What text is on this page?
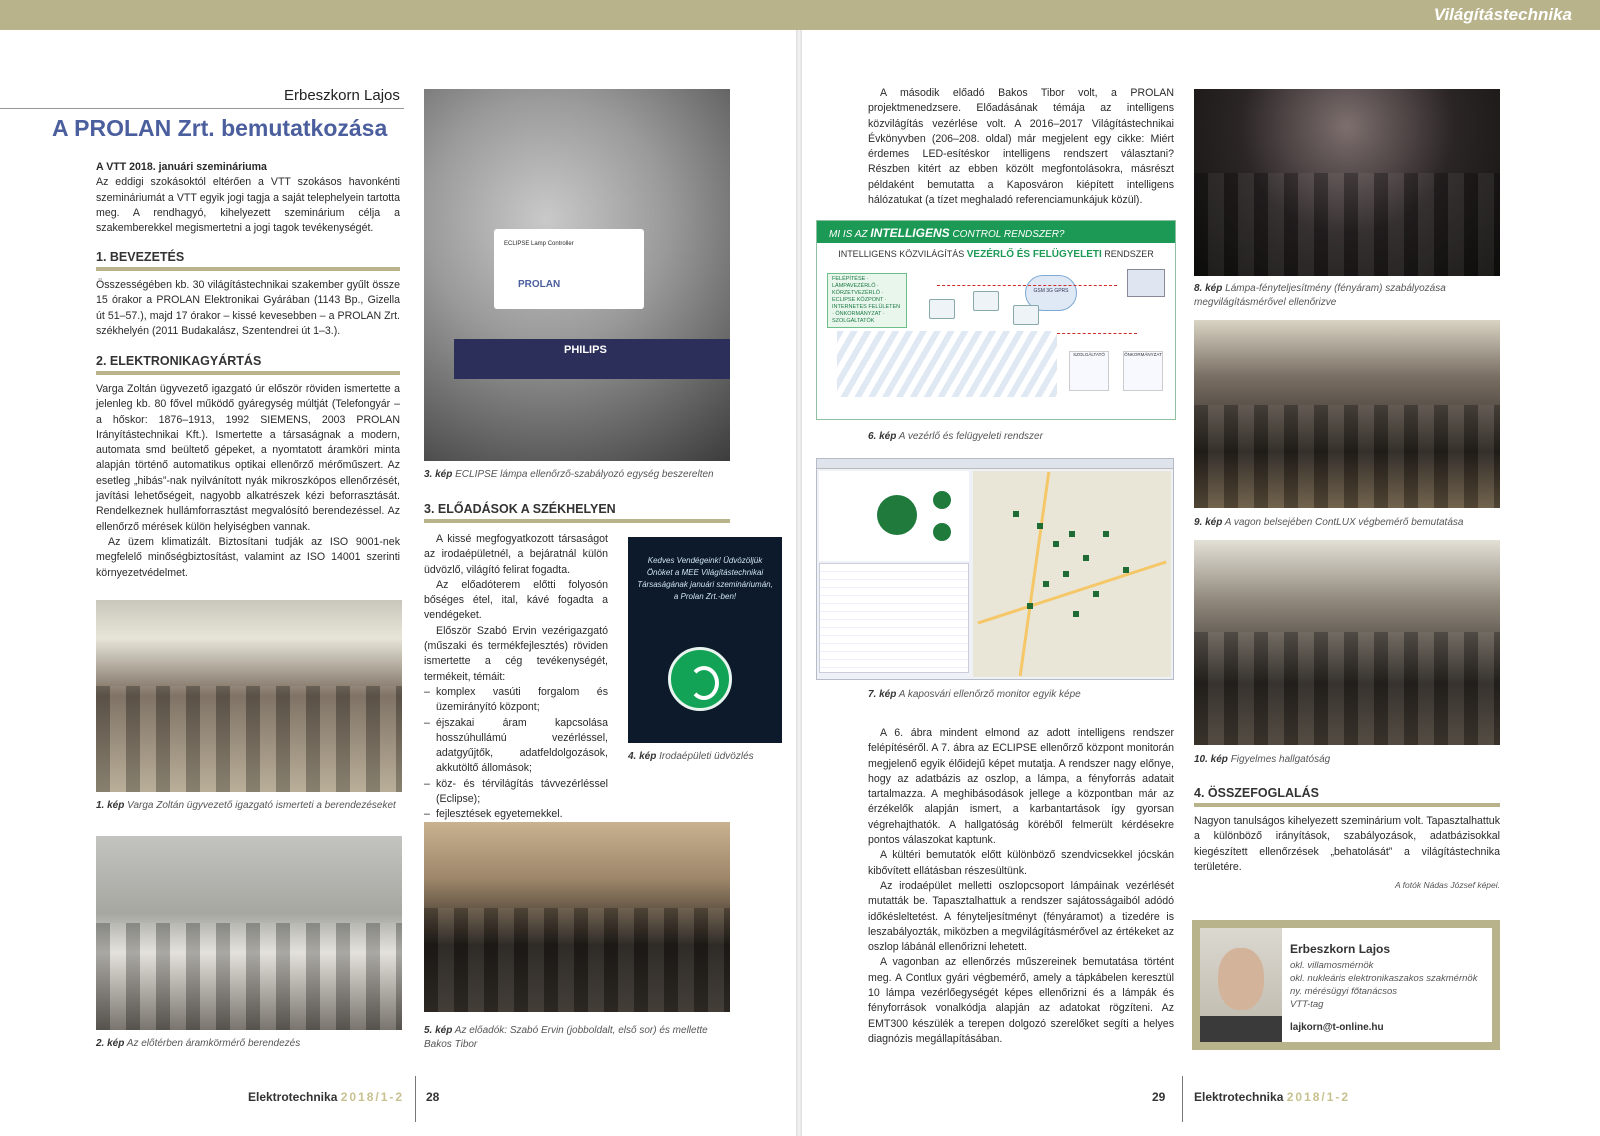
Világítástechnika
Erbeszkorn Lajos
A PROLAN Zrt. bemutatkozása

A VTT 2018. januári szemináriuma

Az eddigi szokásoktól eltérően a VTT szokásos havonkénti szemináriumát a VTT egyik jogi tagja a saját telephelyein tartotta meg. A rendhagyó, kihelyezett szeminárium célja a szakemberekkel megismertetni a jogi tagok tevékenységét.

1. BEVEZETÉS

Összességében kb. 30 világítástechnikai szakember gyűlt össze 15 órakor a PROLAN Elektronikai Gyárában (1143 Bp., Gizella út 51–57.), majd 17 órakor – kissé kevesebben – a PROLAN Zrt. székhelyén (2011 Budakalász, Szentendrei út 1–3.).

2. ELEKTRONIKAGYÁRTÁS

Varga Zoltán ügyvezető igazgató úr először röviden ismertette a jelenleg kb. 80 fővel működő gyáregység múltját (Telefongyár – a hőskor: 1876–1913, 1992 SIEMENS, 2003 PROLAN Irányítástechnikai Kft.). Ismertette a társaságnak a modern, automata smd beültető gépeket, a nyomtatott áramköri minta alapján történő automatikus optikai ellenőrző mérőműszert. Az esetleg „hibás”-nak nyilvánított nyák mikroszkópos ellenőrzését, javítási lehetőségeit, nagyobb alkatrészek kézi beforrasztását. Rendelkeznek hullámforrasztást megvalósító berendezéssel. Az ellenőrző mérések külön helyiségben vannak.

Az üzem klimatizált. Biztosítani tudják az ISO 9001-nek megfelelő minőségbiztosítást, valamint az ISO 14001 szerinti környezetvédelmet.

1. kép Varga Zoltán ügyvezető igazgató ismerteti a berendezéseket
2. kép Az előtérben áramkörmérő berendezés
ECLIPSE Lamp Controller
PROLAN
PHILIPS
3. kép ECLIPSE lámpa ellenőrző-szabályozó egység beszerelten
3. ELŐADÁSOK A SZÉKHELYEN

A kissé megfogyatkozott társaságot az irodaépületnél, a bejáratnál külön üdvözlő, világító felirat fogadta.

Az előadóterem előtti folyosón bőséges étel, ital, kávé fogadta a vendégeket.

Először Szabó Ervin vezérigazgató (műszaki és termékfejlesztés) röviden ismertette a cég tevékenységét, termékeit, témáit:

– komplex vasúti forgalom és üzemirányító központ;
– éjszakai áram kapcsolása hosszúhullámú vezérléssel, adatgyűjtők, adatfeldolgozások, akkutöltő állomások;
– köz- és térvilágítás távvezérléssel (Eclipse);
– fejlesztések egyetemekkel.
Kedves Vendégeink! Üdvözöljük Önöket a MEE Világítástechnikai Társaságának januári szemináriumán, a Prolan Zrt.-ben!
4. kép Irodaépületi üdvözlés
5. kép Az előadók: Szabó Ervin (jobboldalt, első sor) és mellette Bakos Tibor

A második előadó Bakos Tibor volt, a PROLAN projektmenedzsere. Előadásának témája az intelligens közvilágítás vezérlése volt. A 2016–2017 Világítástechnikai Évkönyvben (206–208. oldal) már megjelent egy cikke: Miért érdemes LED-esítéskor intelligens rendszert választani? Részben kitért az ebben közölt megfontolásokra, másrészt példaként bemutatta a Kaposváron kiépített intelligens hálózatukat (a tízet meghaladó referenciamunkájuk közül).

MI IS AZ INTELLIGENS CONTROL RENDSZER?
INTELLIGENS KÖZVILÁGÍTÁS VEZÉRLŐ ÉS FELÜGYELETI RENDSZER
FELÉPÍTÉSE · LÁMPAVEZÉRLŐ · KÖRZETVEZÉRLŐ · ECLIPSE KÖZPONT · INTERNETES FELÜLETEN · ÖNKORMÁNYZAT · SZOLGÁLTATÓK
GSM 3G GPRS
SZOLGÁLTATÓ	ÖNKORMÁNYZAT
6. kép A vezérlő és felügyeleti rendszer
7. kép A kaposvári ellenőrző monitor egyik képe

A 6. ábra mindent elmond az adott intelligens rendszer felépítéséről. A 7. ábra az ECLIPSE ellenőrző központ monitorán megjelenő egyik élőidejű képet mutatja. A rendszer nagy előnye, hogy az adatbázis az oszlop, a lámpa, a fényforrás adatait tartalmazza. A meghibásodások jellege a központban már az érzékelők alapján ismert, a karbantartások így gyorsan végrehajthatók. A hallgatóság köréből felmerült kérdésekre pontos válaszokat kaptunk.

A kültéri bemutatók előtt különböző szendvicsekkel jócskán kibővített ellátásban részesültünk.

Az irodaépület melletti oszlopcsoport lámpáinak vezérlését mutatták be. Tapasztalhattuk a rendszer sajátosságaiból adódó időkésleltetést. A fényteljesítményt (fényáramot) a tizedére is leszabályozták, miközben a megvilágításmérővel az értékeket az oszlop lábánál ellenőrizni lehetett.

A vagonban az ellenőrzés műszereinek bemutatása történt meg. A Contlux gyári végbemérő, amely a tápkábelen keresztül 10 lámpa vezérlőegységét képes ellenőrizni és a lámpák és fényforrások vonalkódja alapján az adatokat rögzíteni. Az EMT300 készülék a terepen dolgozó szerelőket segíti a helyes diagnózis megállapításában.

8. kép Lámpa-fényteljesítmény (fényáram) szabályozása megvilágításmérővel ellenőrizve
9. kép A vagon belsejében ContLUX végbemérő bemutatása
10. kép Figyelmes hallgatóság
4. ÖSSZEFOGLALÁS

Nagyon tanulságos kihelyezett szeminárium volt. Tapasztalhattuk a különböző irányítások, szabályozások, adatbázisokkal kiegészített ellenőrzések „behatolását” a világítástechnika területére.

A fotók Nádas József képei.
Erbeszkorn Lajos
okl. villamosmérnök
okl. nukleáris elektronikaszakos szakmérnök
ny. mérésügyi főtanácsos
VTT-tag
lajkorn@t-online.hu
Elektrotechnika 2018/1-2 28	29 Elektrotechnika 2018/1-2
